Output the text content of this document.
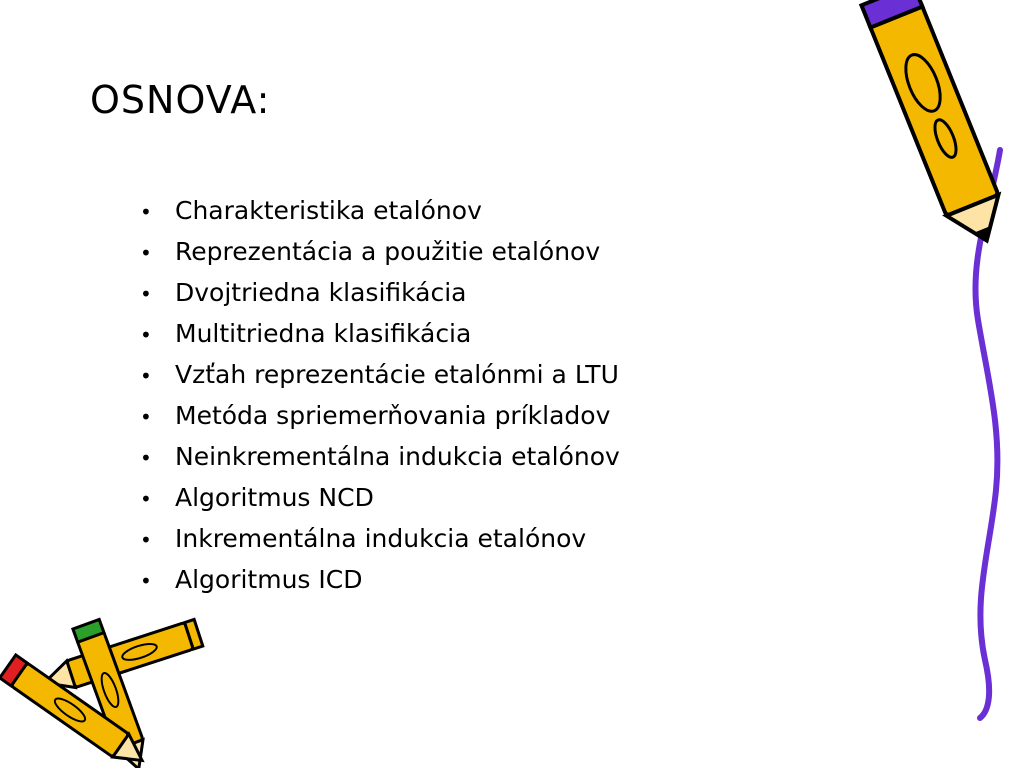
OSNOVA:
• Charakteristika etalónov
• Reprezentácia a použitie etalónov
• Dvojtriedna klasifikácia
• Multitriedna klasifikácia
• Vzťah reprezentácie etalónmi a LTU
• Metóda spriemerňovania príkladov
• Neinkrementálna indukcia etalónov
• Algoritmus NCD
• Inkrementálna indukcia etalónov
• Algoritmus ICD
